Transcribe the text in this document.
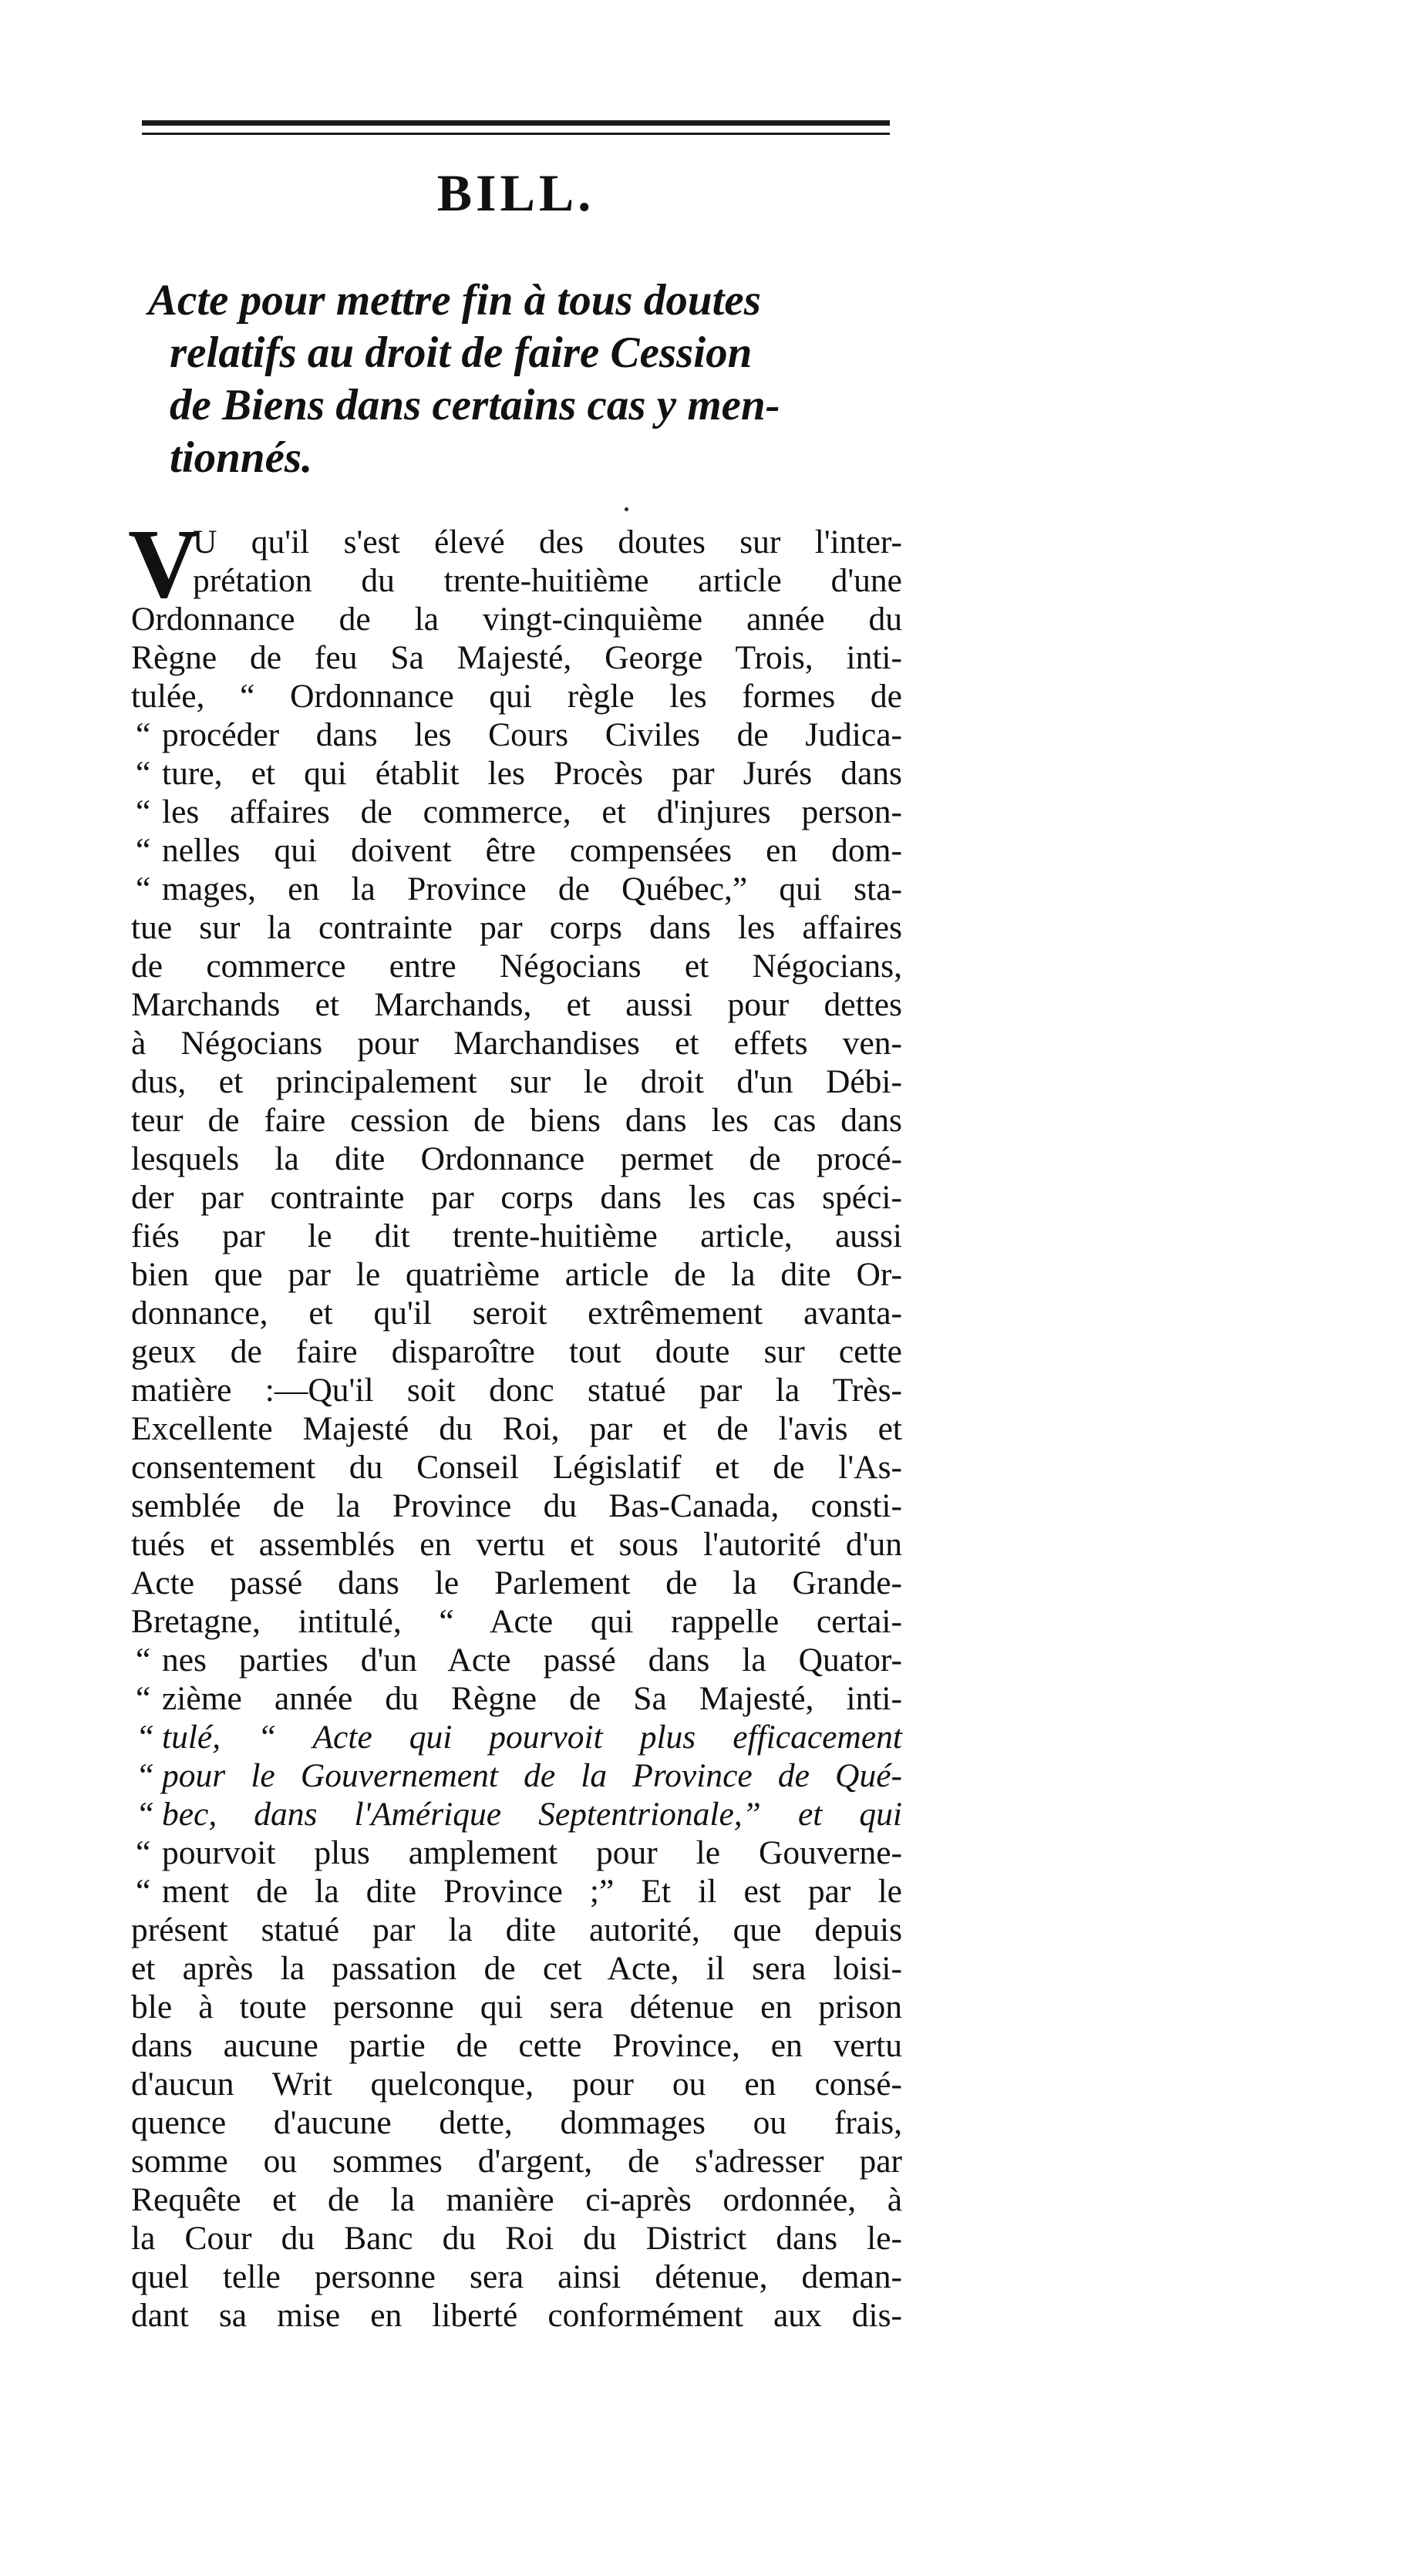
BILL.
Acte pour mettre fin à tous doutes
relatifs au droit de faire Cession
de Biens dans certains cas y men-
tionnés.
V
U qu'il s'est élevé des doutes sur l'inter-
prétation du trente-huitième article d'une
Ordonnance de la vingt-cinquième année du
Règne de feu Sa Majesté, George Trois, inti-
tulée, “ Ordonnance qui règle les formes de
“ procéder dans les Cours Civiles de Judica-
“ ture, et qui établit les Procès par Jurés dans
“ les affaires de commerce, et d'injures person-
“ nelles qui doivent être compensées en dom-
“ mages, en la Province de Québec,” qui sta-
tue sur la contrainte par corps dans les affaires
de commerce entre Négocians et Négocians,
Marchands et Marchands, et aussi pour dettes
à Négocians pour Marchandises et effets ven-
dus, et principalement sur le droit d'un Débi-
teur de faire cession de biens dans les cas dans
lesquels la dite Ordonnance permet de procé-
der par contrainte par corps dans les cas spéci-
fiés par le dit trente-huitième article, aussi
bien que par le quatrième article de la dite Or-
donnance, et qu'il seroit extrêmement avanta-
geux de faire disparoître tout doute sur cette
matière :—Qu'il soit donc statué par la Très-
Excellente Majesté du Roi, par et de l'avis et
consentement du Conseil Législatif et de l'As-
semblée de la Province du Bas-Canada, consti-
tués et assemblés en vertu et sous l'autorité d'un
Acte passé dans le Parlement de la Grande-
Bretagne, intitulé, “ Acte qui rappelle certai-
“ nes parties d'un Acte passé dans la Quator-
“ zième année du Règne de Sa Majesté, inti-
“ tulé, “ Acte qui pourvoit plus efficacement
“ pour le Gouvernement de la Province de Qué-
“ bec, dans l'Amérique Septentrionale,” et qui
“ pourvoit plus amplement pour le Gouverne-
“ ment de la dite Province ;” Et il est par le
présent statué par la dite autorité, que depuis
et après la passation de cet Acte, il sera loisi-
ble à toute personne qui sera détenue en prison
dans aucune partie de cette Province, en vertu
d'aucun Writ quelconque, pour ou en consé-
quence d'aucune dette, dommages ou frais,
somme ou sommes d'argent, de s'adresser par
Requête et de la manière ci-après ordonnée, à
la Cour du Banc du Roi du District dans le-
quel telle personne sera ainsi détenue, deman-
dant sa mise en liberté conformément aux dis-
